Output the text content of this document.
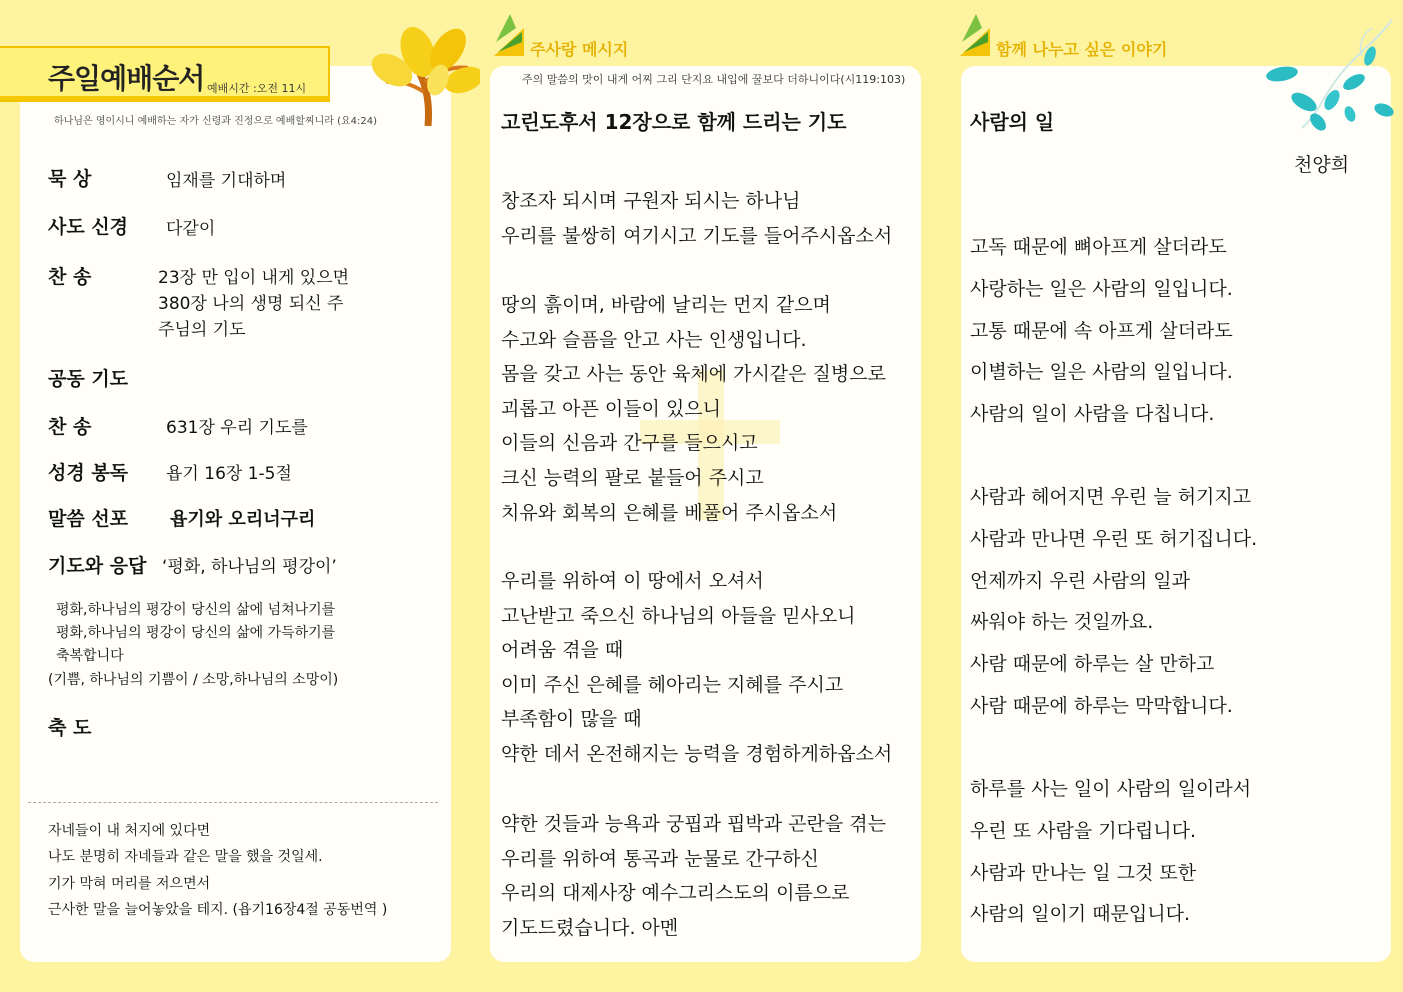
주일예배순서 예배시간 :오전 11시
하나님은 영이시니 예배하는 자가 신령과 진정으로 예배할찌니라 (요4:24)
묵 상	임재를 기대하며
사도 신경 다같이
찬 송	23장 만 입이 내게 있으면
380장 나의 생명 되신 주
주님의 기도
공동 기도
찬 송	631장 우리 기도를
성경 봉독 욥기 16장 1-5절
말씀 선포 욥기와 오리너구리
기도와 응답 ‘평화, 하나님의 평강이’
평화,하나님의 평강이 당신의 삶에 넘쳐나기를
평화,하나님의 평강이 당신의 삶에 가득하기를
축복합니다
(기쁨, 하나님의 기쁨이 / 소망,하나님의 소망이)
축 도
자네들이 내 처지에 있다면
나도 분명히 자네들과 같은 말을 했을 것일세.
기가 막혀 머리를 저으면서
근사한 말을 늘어놓았을 테지. (욥기16장4절 공동번역 )
주사랑 메시지
주의 말씀의 맛이 내게 어찌 그리 단지요 내입에 꿀보다 더하니이다(시119:103)
고린도후서 12장으로 함께 드리는 기도
창조자 되시며 구원자 되시는 하나님
우리를 불쌍히 여기시고 기도를 들어주시옵소서
땅의 흙이며, 바람에 날리는 먼지 같으며
수고와 슬픔을 안고 사는 인생입니다.
몸을 갖고 사는 동안 육체에 가시같은 질병으로
괴롭고 아픈 이들이 있으니
이들의 신음과 간구를 들으시고
크신 능력의 팔로 붙들어 주시고
치유와 회복의 은혜를 베풀어 주시옵소서
우리를 위하여 이 땅에서 오셔서
고난받고 죽으신 하나님의 아들을 믿사오니
어려움 겪을 때
이미 주신 은혜를 헤아리는 지혜를 주시고
부족함이 많을 때
약한 데서 온전해지는 능력을 경험하게하옵소서
약한 것들과 능욕과 궁핍과 핍박과 곤란을 겪는
우리를 위하여 통곡과 눈물로 간구하신
우리의 대제사장 예수그리스도의 이름으로
기도드렸습니다. 아멘
함께 나누고 싶은 이야기
사람의 일
천양희
고독 때문에 뼈아프게 살더라도
사랑하는 일은 사람의 일입니다.
고통 때문에 속 아프게 살더라도
이별하는 일은 사람의 일입니다.
사람의 일이 사람을 다칩니다.
사람과 헤어지면 우린 늘 허기지고
사람과 만나면 우린 또 허기집니다.
언제까지 우린 사람의 일과
싸워야 하는 것일까요.
사람 때문에 하루는 살 만하고
사람 때문에 하루는 막막합니다.
하루를 사는 일이 사람의 일이라서
우린 또 사람을 기다립니다.
사람과 만나는 일 그것 또한
사람의 일이기 때문입니다.
